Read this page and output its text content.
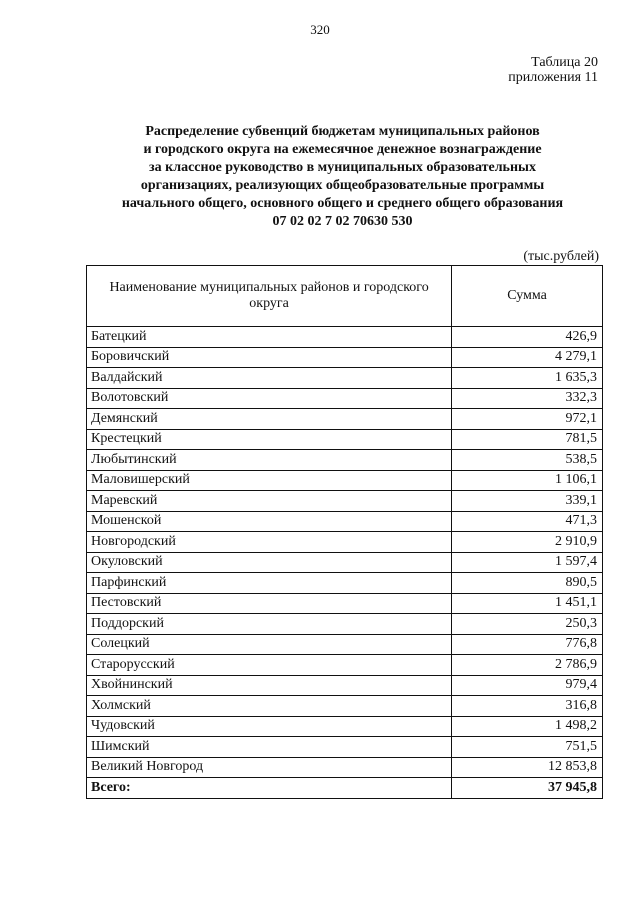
320
Таблица 20
приложения 11
Распределение субвенций бюджетам муниципальных районов
и городского округа на ежемесячное денежное вознаграждение
за классное руководство в муниципальных образовательных
организациях, реализующих общеобразовательные программы
начального общего, основного общего и среднего общего образования
07 02 02 7 02 70630 530
(тыс.рублей)
Наименование муниципальных районов и городского округа	Сумма
Батецкий	426,9
Боровичский	4 279,1
Валдайский	1 635,3
Волотовский	332,3
Демянский	972,1
Крестецкий	781,5
Любытинский	538,5
Маловишерский	1 106,1
Маревский	339,1
Мошенской	471,3
Новгородский	2 910,9
Окуловский	1 597,4
Парфинский	890,5
Пестовский	1 451,1
Поддорский	250,3
Солецкий	776,8
Старорусский	2 786,9
Хвойнинский	979,4
Холмский	316,8
Чудовский	1 498,2
Шимский	751,5
Великий Новгород	12 853,8
Всего:	37 945,8
